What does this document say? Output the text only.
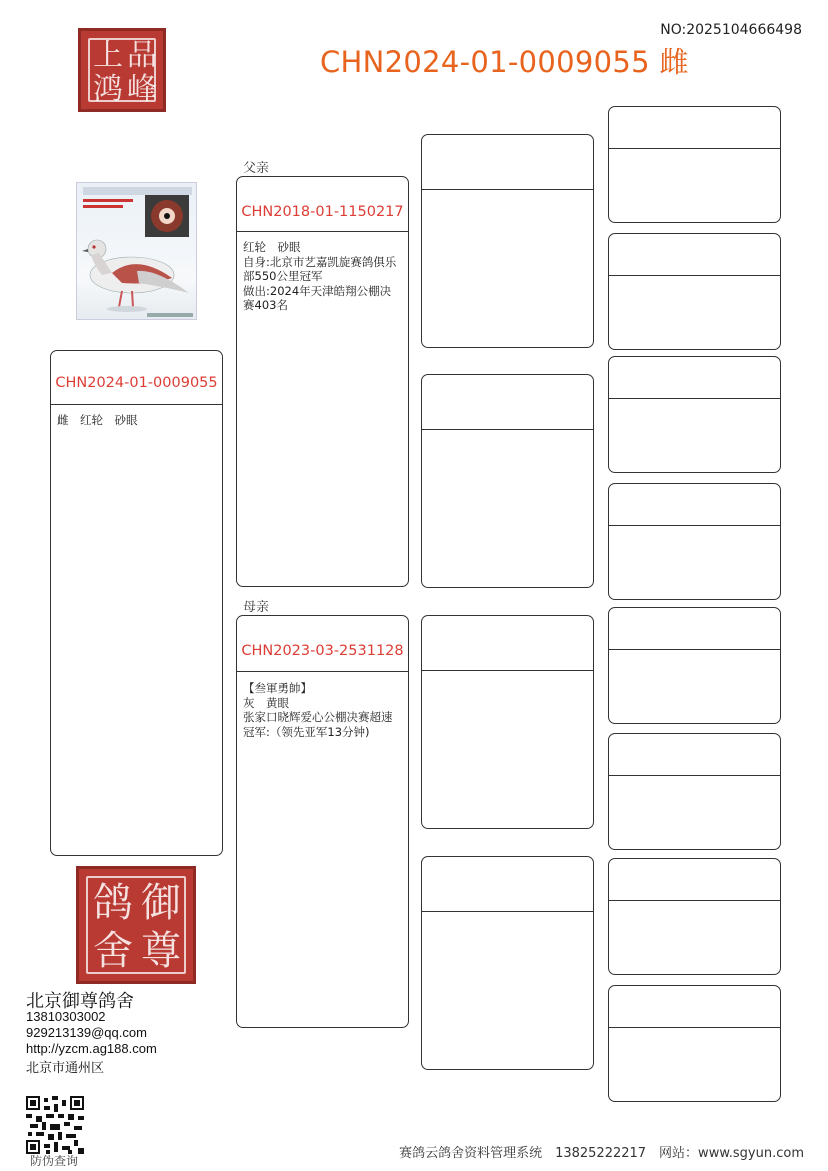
NO:2025104666498
CHN2024-01-0009055 雌
上 品
鸿 峰
CHN2024-01-0009055
雌　红轮　砂眼
父亲
CHN2018-01-1150217
红轮　砂眼
自身:北京市艺嘉凯旋赛鸽俱乐部550公里冠军
做出:2024年天津皓翔公棚决赛403名
母亲
CHN2023-03-2531128
【叁軍勇帥】
灰　黄眼
张家口晓辉爱心公棚决赛超速冠军:（领先亚军13分钟)
御
尊
鸽
舍
北京御尊鸽舍
13810303002
929213139@qq.com
http://yzcm.ag188.com
北京市通州区
防伪查询	赛鸽云鸽舍资料管理系统　13825222217　网站：www.sgyun.com
